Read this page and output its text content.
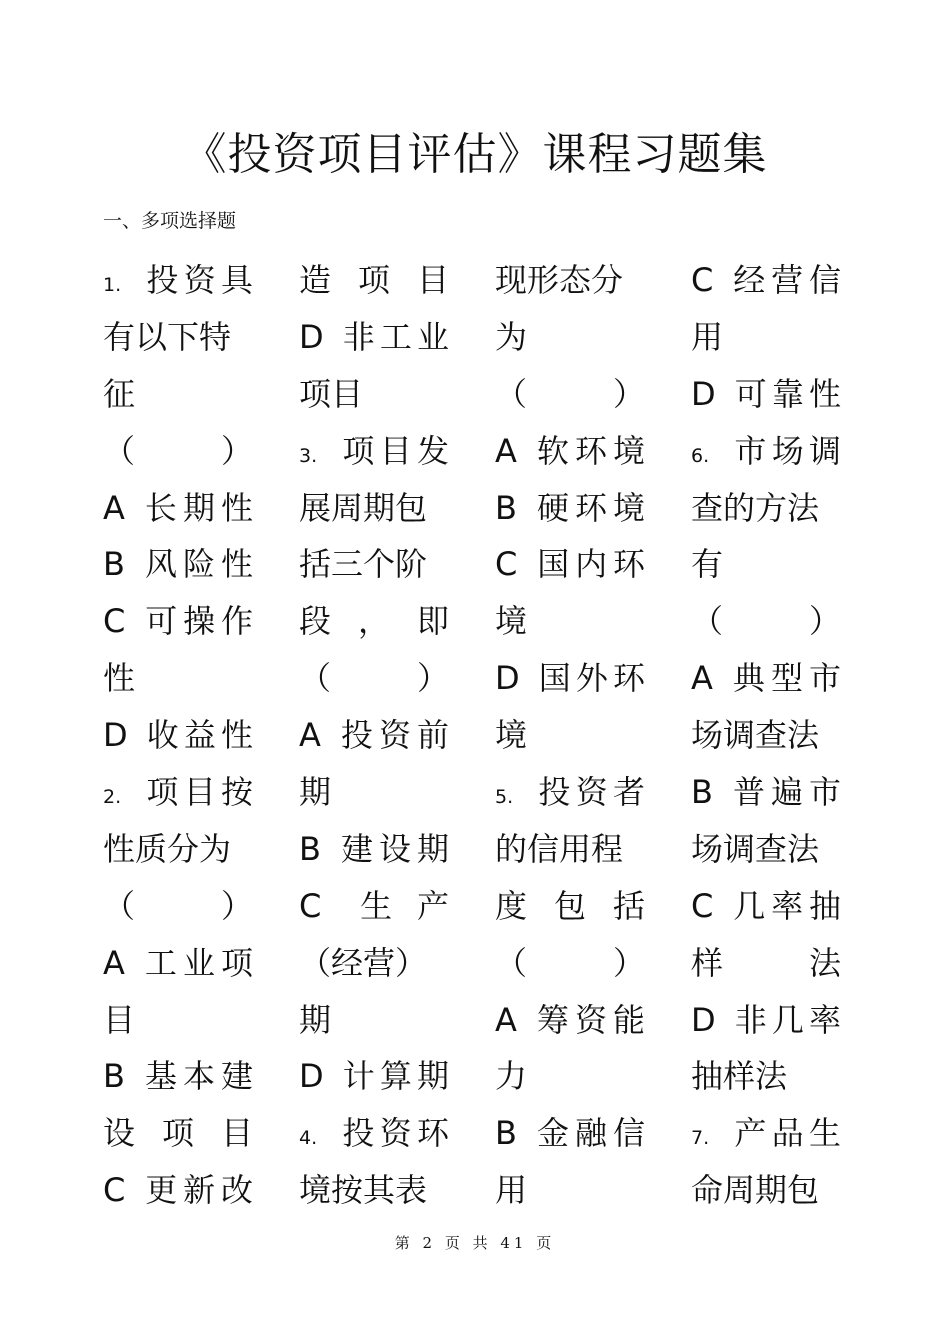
《投资项目评估》课程习题集
一、多项选择题
1. 投资具
有以下特
征
（　　）
A 长期性
B 风险性
C 可操作
性
D 收益性
2. 项目按
性质分为
（　　）
A 工业项
目
B 基本建
设项目
C 更新改
造项目
D 非工业
项目
3. 项目发
展周期包
括三个阶
段，即
（　　）
A 投资前
期
B 建设期
C 生产
（经营）
期
D 计算期
4. 投资环
境按其表
现形态分
为
（　　）
A 软环境
B 硬环境
C 国内环
境
D 国外环
境
5. 投资者
的信用程
度包括
（　　）
A 筹资能
力
B 金融信
用
C 经营信
用
D 可靠性
6. 市场调
查的方法
有
（　　）
A 典型市
场调查法
B 普遍市
场调查法
C 几率抽
样法
D 非几率
抽样法
7. 产品生
命周期包
第 2 页 共 41 页
